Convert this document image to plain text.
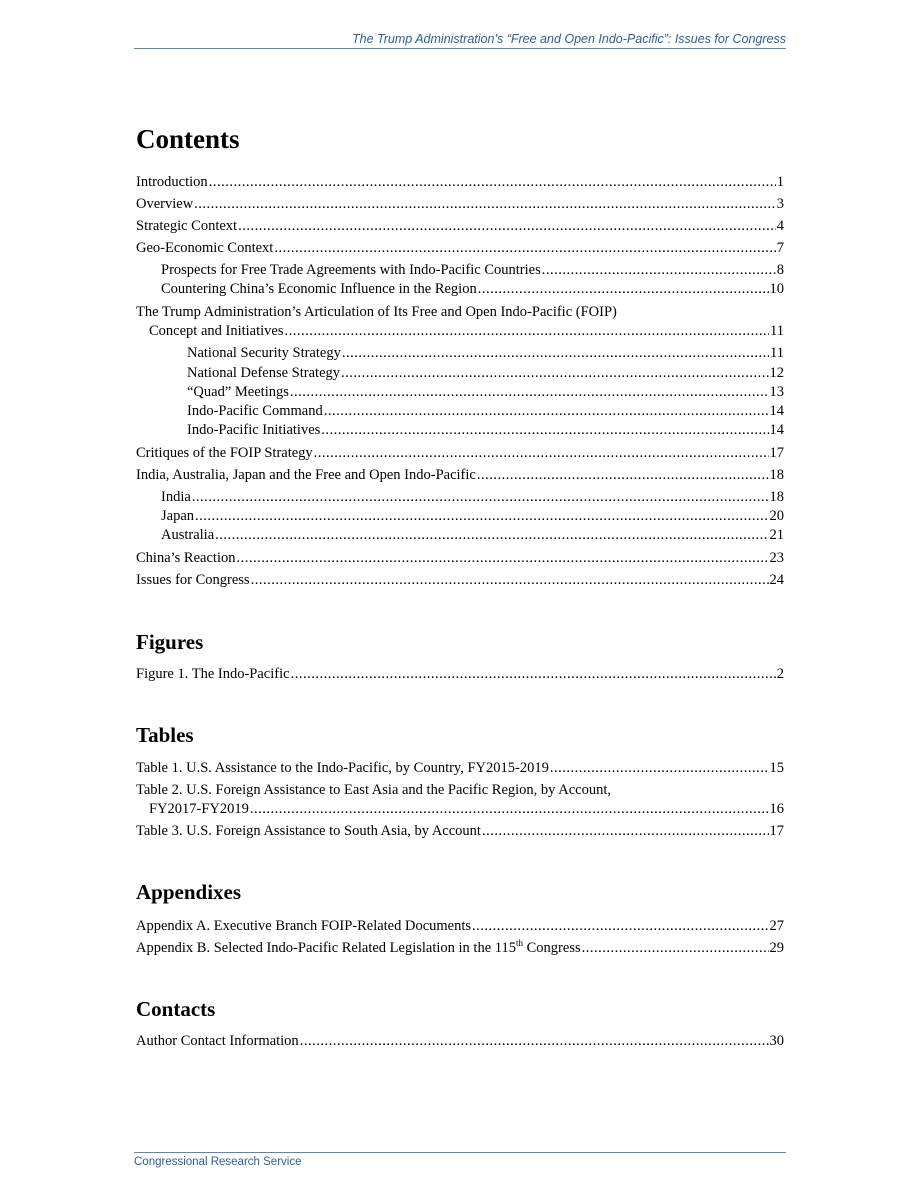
The Trump Administration’s “Free and Open Indo-Pacific”: Issues for Congress
Contents
Introduction .....	1
Overview .....	3
Strategic Context .....	4
Geo-Economic Context .....	7
Prospects for Free Trade Agreements with Indo-Pacific Countries .....	8
Countering China’s Economic Influence in the Region .....	10
The Trump Administration’s Articulation of Its Free and Open Indo-Pacific (FOIP)
Concept and Initiatives .....	11
National Security Strategy .....	11
National Defense Strategy .....	12
“Quad” Meetings .....	13
Indo-Pacific Command .....	14
Indo-Pacific Initiatives .....	14
Critiques of the FOIP Strategy .....	17
India, Australia, Japan and the Free and Open Indo-Pacific .....	18
India .....	18
Japan .....	20
Australia .....	21
China’s Reaction .....	23
Issues for Congress .....	24
Figures
Figure 1. The Indo-Pacific .....	2
Tables
Table 1. U.S. Assistance to the Indo-Pacific, by Country, FY2015-2019 .....	15
Table 2. U.S. Foreign Assistance to East Asia and the Pacific Region, by Account,
FY2017-FY2019 .....	16
Table 3. U.S. Foreign Assistance to South Asia, by Account .....	17
Appendixes
Appendix A. Executive Branch FOIP-Related Documents .....	27
Appendix B. Selected Indo-Pacific Related Legislation in the 115th Congress .....	29
Contacts
Author Contact Information .....	30
Congressional Research Service
